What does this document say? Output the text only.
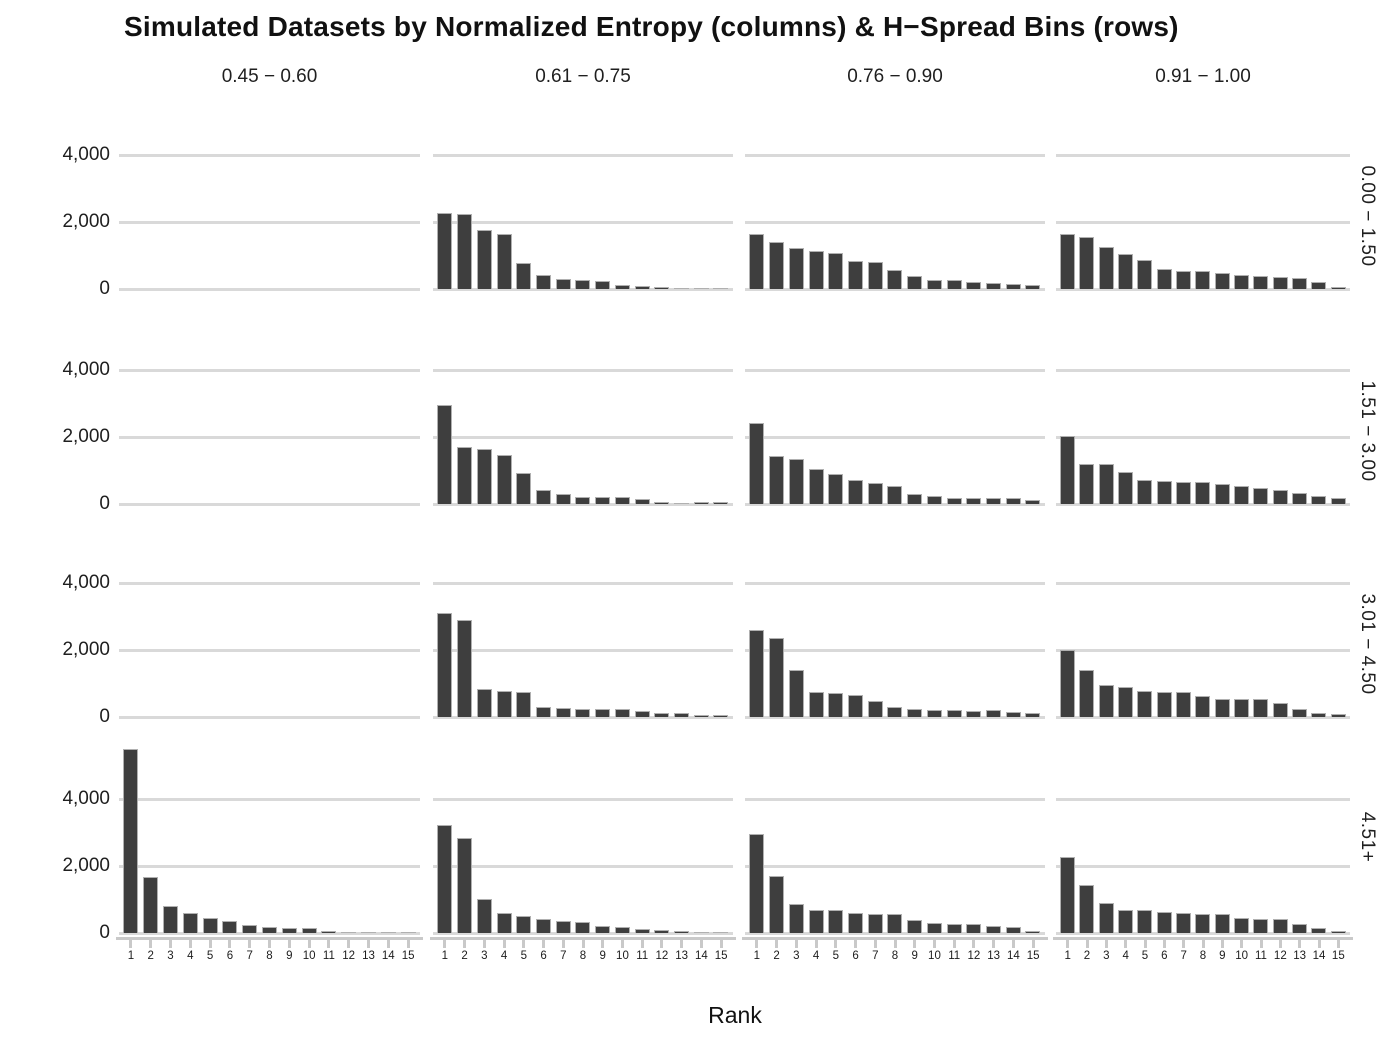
Simulated Datasets by Normalized Entropy (columns) & H−Spread Bins (rows)
0.45 − 0.60	0.61 − 0.75	0.76 − 0.90	0.91 − 1.00
4,000
2,000
0
4,000
2,000
0
4,000
2,000
0
4,000
2,000
0
0.00 − 1.50
1.51 − 3.00
3.01 − 4.50
4.51+
1	2	3	4	5	6	7	8	9 10 11 12 13 14 15	1	2	3	4	5	6	7	8	9 10 11 12 13 14 15	1	2	3	4	5	6	7	8	9 10 11 12 13 14 15	1	2	3	4	5	6	7	8	9 10 11 12 13 14 15
Rank
